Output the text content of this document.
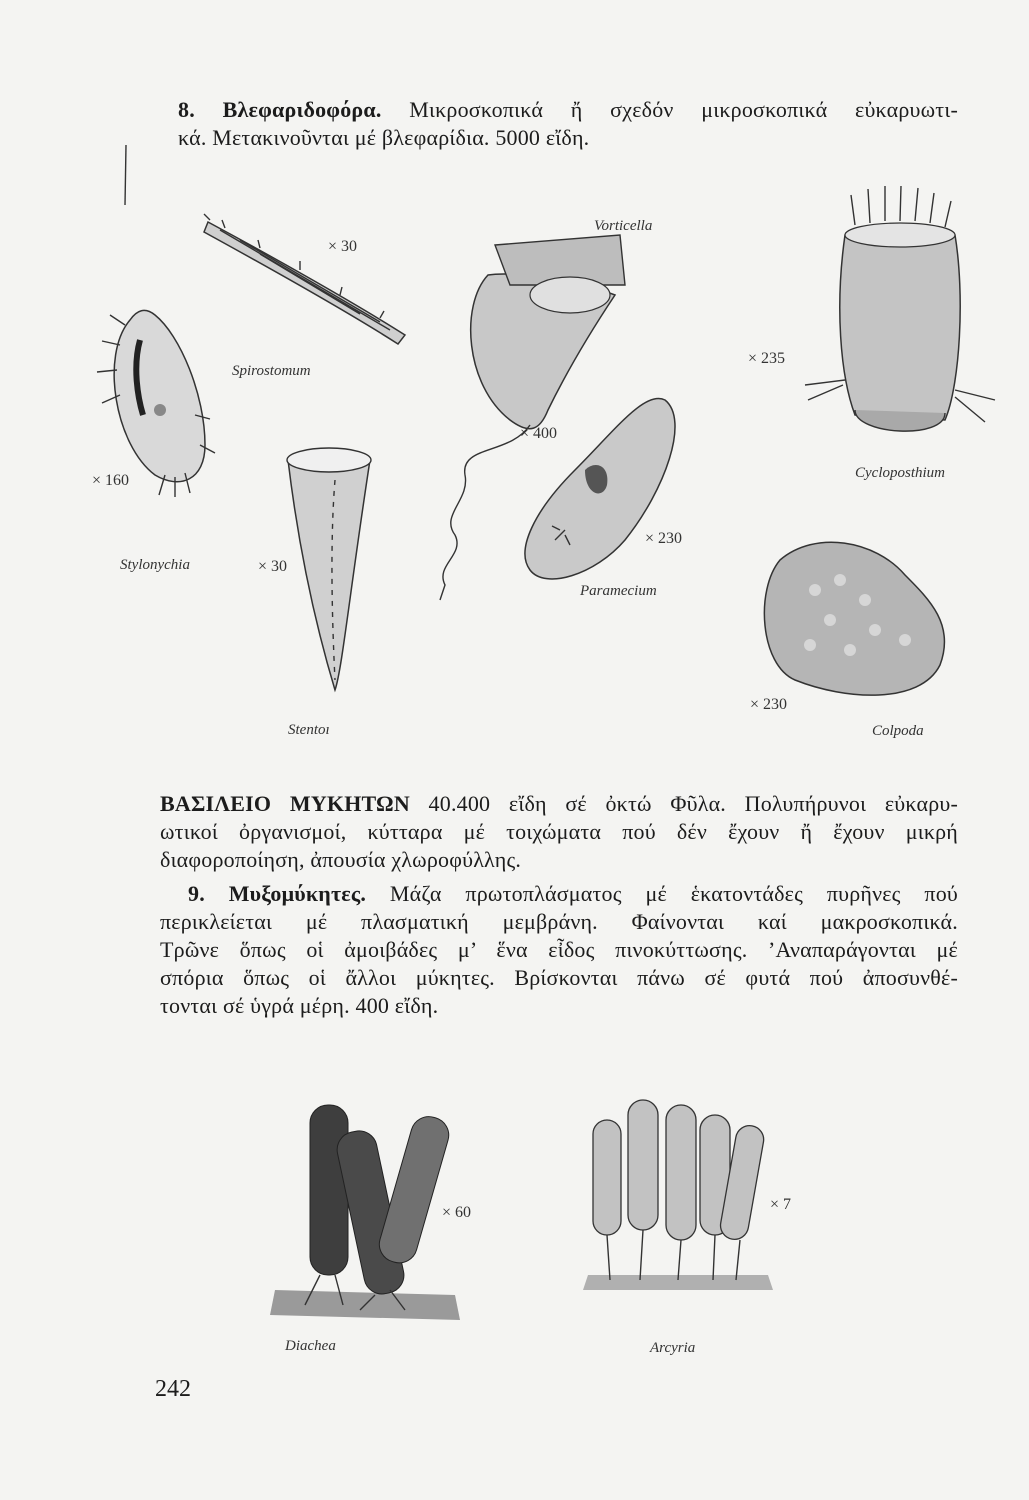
8. Βλεφαριδοφόρα. Μικροσκοπικά ἤ σχεδόν μικροσκοπικά εὐκαρυωτι-
κά. Μετακινοῦνται μέ βλεφαρίδια. 5000 εἴδη.
× 30
Spirostomum
Vorticella
× 400
× 235
Cycloposthium
× 160
Stylonychia	× 30
Stentoı
× 230
Paramecium
× 230
Colpoda
ΒΑΣΙΛΕΙΟ ΜΥΚΗΤΩΝ 40.400 εἴδη σέ ὀκτώ Φῦλα. Πολυπήρυνοι εὐκαρυ-
ωτικοί ὀργανισμοί, κύτταρα μέ τοιχώματα πού δέν ἔχουν ἤ ἔχουν μικρή
διαφοροποίηση, ἀπουσία χλωροφύλλης.
9. Μυξομύκητες. Μάζα πρωτοπλάσματος μέ ἑκατοντάδες πυρῆνες πού
περικλείεται μέ πλασματική μεμβράνη. Φαίνονται καί μακροσκοπικά.
Τρῶνε ὅπως οἱ ἀμοιβάδες μ’ ἕνα εἶδος πινοκύττωσης. ’Αναπαράγονται μέ
σπόρια ὅπως οἱ ἄλλοι μύκητες. Βρίσκονται πάνω σέ φυτά πού ἀποσυνθέ-
τονται σέ ὑγρά μέρη. 400 εἴδη.
× 60
Diachea
× 7
Arcyria
242
